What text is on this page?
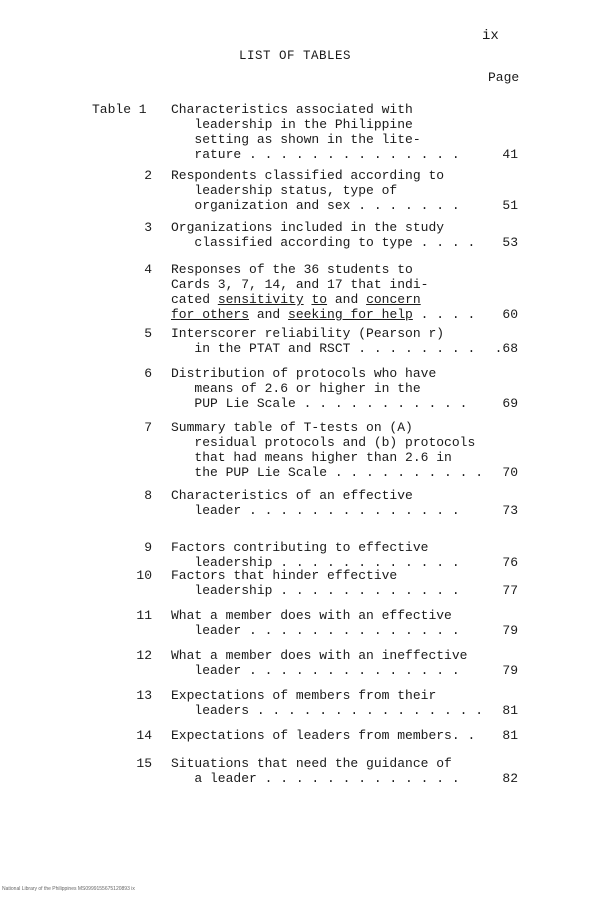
ix
LIST OF TABLES
Page
Table 1	Characteristics associated with
leadership in the Philippine
setting as shown in the lite-
rature . . . . . . . . . . . . . .	41
2 Respondents classified according to
leadership status, type of
organization and sex . . . . . . .	51
3 Organizations included in the study
classified according to type . . . .	53
4 Responses of the 36 students to
Cards 3, 7, 14, and 17 that indi-
cated sensitivity to and concern
for others and seeking for help . . . .	60
5 Interscorer reliability (Pearson r)
in the PTAT and RSCT . . . . . . . . .68
6 Distribution of protocols who have
means of 2.6 or higher in the
PUP Lie Scale . . . . . . . . . . .	69
7 Summary table of T-tests on (A)
residual protocols and (b) protocols
that had means higher than 2.6 in
the PUP Lie Scale . . . . . . . . . .	70
8 Characteristics of an effective
leader . . . . . . . . . . . . . .	73
9 Factors contributing to effective
leadership . . . . . . . . . . . .	76
10 Factors that hinder effective
leadership . . . . . . . . . . . .	77
11 What a member does with an effective
leader . . . . . . . . . . . . . .	79
12 What a member does with an ineffective
leader . . . . . . . . . . . . . .	79
13 Expectations of members from their
leaders . . . . . . . . . . . . . . .	81
14 Expectations of leaders from members. .	81
15 Situations that need the guidance of
a leader . . . . . . . . . . . . .	82
National Library of the Philippines MS0999155675120893 ix
